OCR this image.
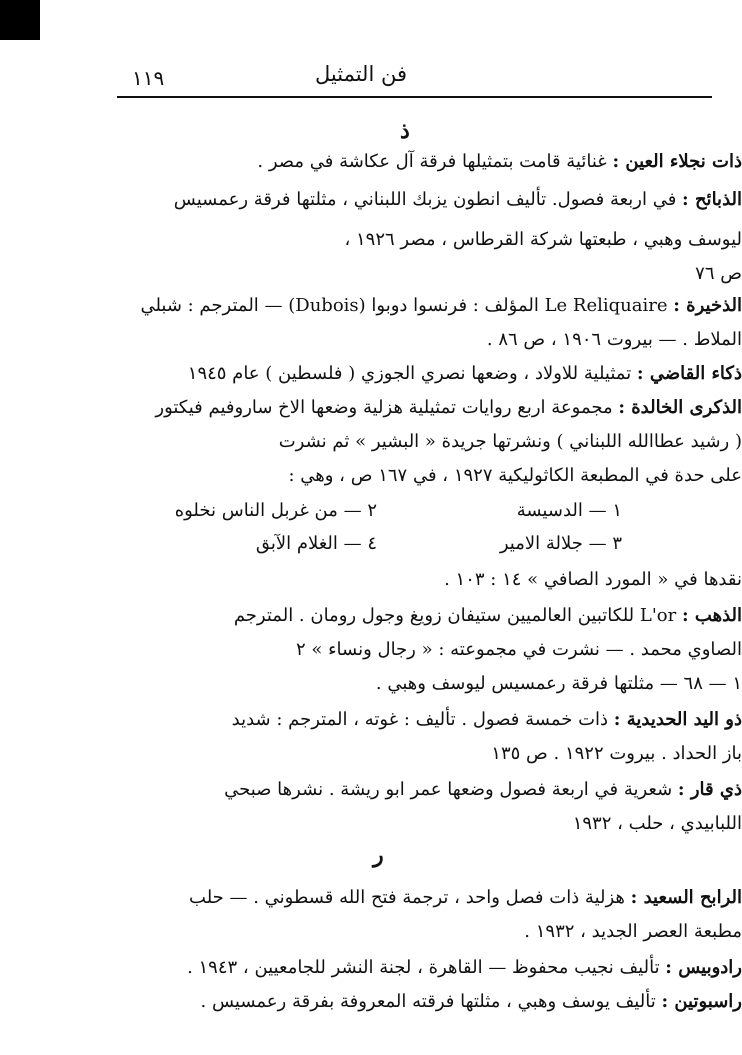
١١٩	فن التمثيل
ذ
ذات نجلاء العين : غنائية قامت بتمثيلها فرقة آل عكاشة في مصر .
الذبائح : في اربعة فصول. تأليف انطون يزبك اللبناني ، مثلتها فرقة رعمسيس
ليوسف وهبي ، طبعتها شركة القرطاس ، مصر ١٩٢٦ ،
ص ٧٦
الذخيرة : Le Reliquaire المؤلف : فرنسوا دوبوا (Dubois) — المترجم : شبلي
الملاط . — بيروت ١٩٠٦ ، ص ٨٦ .
ذكاء القاضي : تمثيلية للاولاد ، وضعها نصري الجوزي ( فلسطين ) عام ١٩٤٥
الذكرى الخالدة : مجموعة اربع روايات تمثيلية هزلية وضعها الاخ ساروفيم فيكتور
( رشيد عطاالله اللبناني ) ونشرتها جريدة « البشير » ثم نشرت
على حدة في المطبعة الكاثوليكية ١٩٢٧ ، في ١٦٧ ص ، وهي :
١ — الدسيسة
٢ — من غربل الناس نخلوه
٣ — جلالة الامير
٤ — الغلام الآبق
نقدها في « المورد الصافي » ١٤ : ١٠٣ .
الذهب : L'or للكاتبين العالميين ستيفان زويغ وجول رومان . المترجم
الصاوي محمد . — نشرت في مجموعته : « رجال ونساء » ٢
١ — ٦٨ — مثلتها فرقة رعمسيس ليوسف وهبي .
ذو اليد الحديدية : ذات خمسة فصول . تأليف : غوته ، المترجم : شديد
باز الحداد . بيروت ١٩٢٢ . ص ١٣٥
ذي قار : شعرية في اربعة فصول وضعها عمر ابو ريشة . نشرها صبحي
اللبابيدي ، حلب ، ١٩٣٢
ر
الرابح السعيد : هزلية ذات فصل واحد ، ترجمة فتح الله قسطوني . — حلب
مطبعة العصر الجديد ، ١٩٣٢ .
رادوبيس : تأليف نجيب محفوظ — القاهرة ، لجنة النشر للجامعيين ، ١٩٤٣ .
راسبوتين : تأليف يوسف وهبي ، مثلتها فرقته المعروفة بفرقة رعمسيس .
